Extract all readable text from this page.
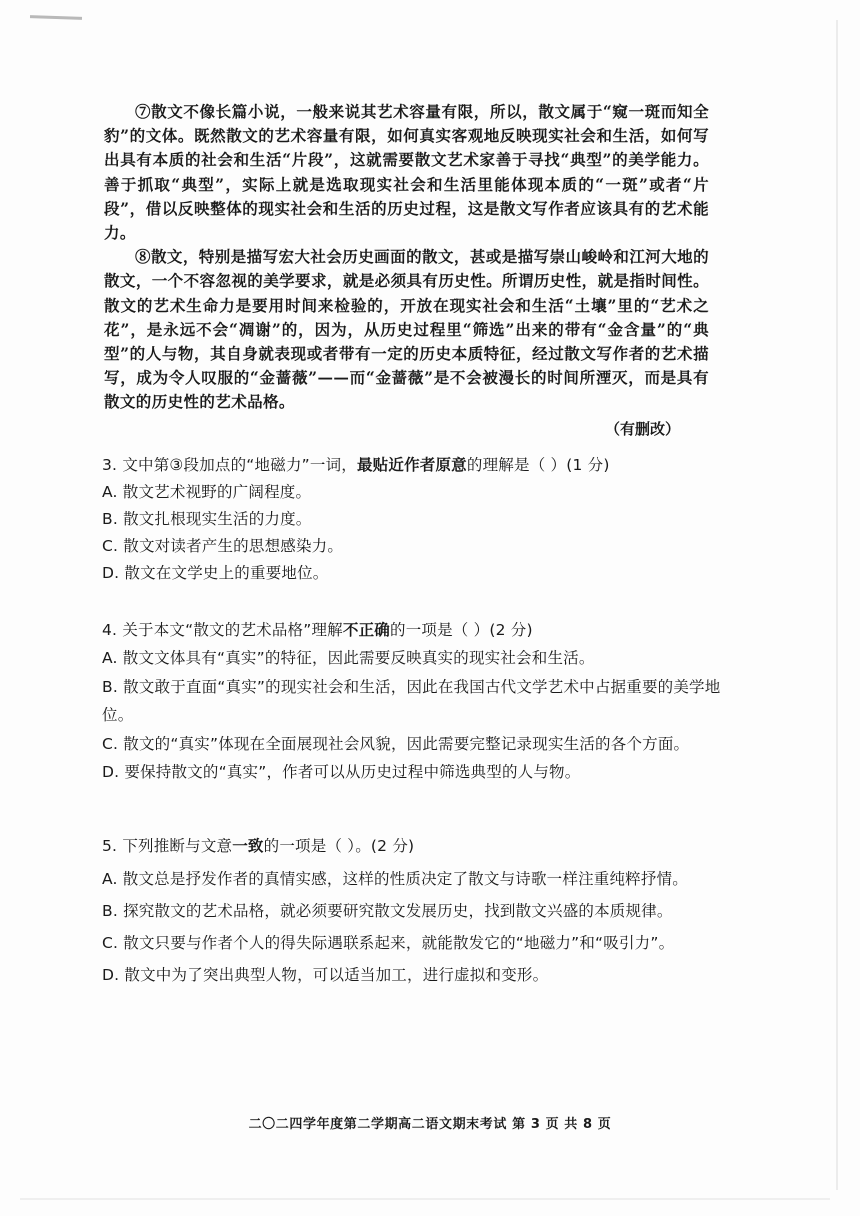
⑦散文不像长篇小说，一般来说其艺术容量有限，所以，散文属于“窥一斑而知全豹”的文体。既然散文的艺术容量有限，如何真实客观地反映现实社会和生活，如何写出具有本质的社会和生活“片段”，这就需要散文艺术家善于寻找“典型”的美学能力。善于抓取“典型”，实际上就是选取现实社会和生活里能体现本质的“一斑”或者“片段”，借以反映整体的现实社会和生活的历史过程，这是散文写作者应该具有的艺术能力。

⑧散文，特别是描写宏大社会历史画面的散文，甚或是描写崇山峻岭和江河大地的散文，一个不容忽视的美学要求，就是必须具有历史性。所谓历史性，就是指时间性。散文的艺术生命力是要用时间来检验的，开放在现实社会和生活“土壤”里的“艺术之花”，是永远不会“凋谢”的，因为，从历史过程里“筛选”出来的带有“金含量”的“典型”的人与物，其自身就表现或者带有一定的历史本质特征，经过散文写作者的艺术描写，成为令人叹服的“金蔷薇”——而“金蔷薇”是不会被漫长的时间所湮灭，而是具有散文的历史性的艺术品格。

（有删改）

3. 文中第③段加点的“地磁力”一词，最贴近作者原意的理解是（ ）(1 分)

A. 散文艺术视野的广阔程度。

B. 散文扎根现实生活的力度。

C. 散文对读者产生的思想感染力。

D. 散文在文学史上的重要地位。

4. 关于本文“散文的艺术品格”理解不正确的一项是（ ）(2 分)

A. 散文文体具有“真实”的特征，因此需要反映真实的现实社会和生活。

B. 散文敢于直面“真实”的现实社会和生活，因此在我国古代文学艺术中占据重要的美学地位。

C. 散文的“真实”体现在全面展现社会风貌，因此需要完整记录现实生活的各个方面。

D. 要保持散文的“真实”，作者可以从历史过程中筛选典型的人与物。

5. 下列推断与文意一致的一项是（ ）。(2 分)

A. 散文总是抒发作者的真情实感，这样的性质决定了散文与诗歌一样注重纯粹抒情。

B. 探究散文的艺术品格，就必须要研究散文发展历史，找到散文兴盛的本质规律。

C. 散文只要与作者个人的得失际遇联系起来，就能散发它的“地磁力”和“吸引力”。

D. 散文中为了突出典型人物，可以适当加工，进行虚拟和变形。

二〇二四学年度第二学期高二语文期末考试 第 3 页 共 8 页
